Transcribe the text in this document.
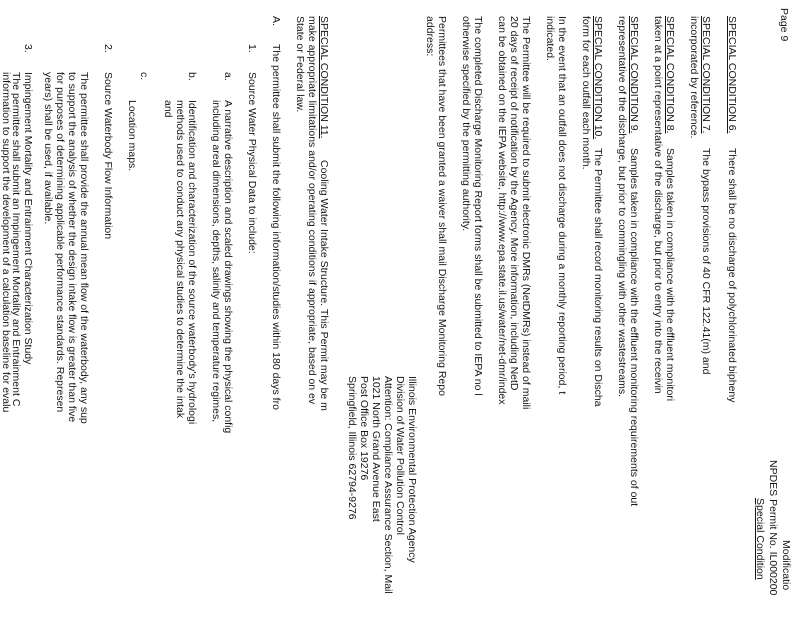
Page 9
Modificatio
NPDES Permit No. IL000200
Special Condition
SPECIAL CONDITION 6.
There shall be no discharge of polychlorinated bipheny
SPECIAL CONDITION 7.
The bypass provisions of 40 CFR 122.41(m) and
incorporated by reference.
SPECIAL CONDITION 8.
Samples taken in compliance with the effluent monitori
taken at a point representative of the discharge, but prior to entry into the receivin
SPECIAL CONDITION 9.
Samples taken in compliance with the effluent monitoring requirements of out
representative of the discharge, but prior to commingling with other wastestreams.
SPECIAL CONDITION 10.
The Permittee shall record monitoring results on Discha
form for each outfall each month.
In the event that an outfall does not discharge during a monthly reporting period, t
indicated.
The Permittee will be required to submit electronic DMRs (NetDMRs) instead of maili
20 days of receipt of notification by the Agency. More information, including NetD
can be obtained on the IEPA website, http://www.epa.state.il.us/water/net-dmr/index
The completed Discharge Monitoring Report forms shall be submitted to IEPA no l
otherwise specified by the permitting authority.
Permittees that have been granted a waiver shall mail Discharge Monitoring Repo
address:
Illinois Environmental Protection Agency
Division of Water Pollution Control
Attention: Compliance Assurance Section, Mail
1021 North Grand Avenue East
Post Office Box 19276
Springfield, Illinois 62794-9276
SPECIAL CONDITION 11.
Cooling Water Intake Structure. This Permit may be m
make appropriate limitations and/or operating conditions if appropriate, based on ev
State or Federal law.
A.
The permittee shall submit the following information/studies within 180 days fro
1.
Source Water Physical Data to include:
a.
A narrative description and scaled drawings showing the physical config
including areal dimensions, depths, salinity and temperature regimes,
b.
Identification and characterization of the source waterbody's hydrologi
methods used to conduct any physical studies to determine the intak
and
c.
Location maps.
2.
Source Waterbody Flow Information
The permittee shall provide the annual mean flow of the waterbody, any sup
to support the analysis of whether the design intake flow is greater than five
for purposes of determining applicable performance standards. Represen
years) shall be used, if available.
3.
Impingement Mortality and Entrainment Characterization Study
The permittee shall submit an Impingement Mortality and Entrainment C
information to support the development of a calculation baseline for evalu
